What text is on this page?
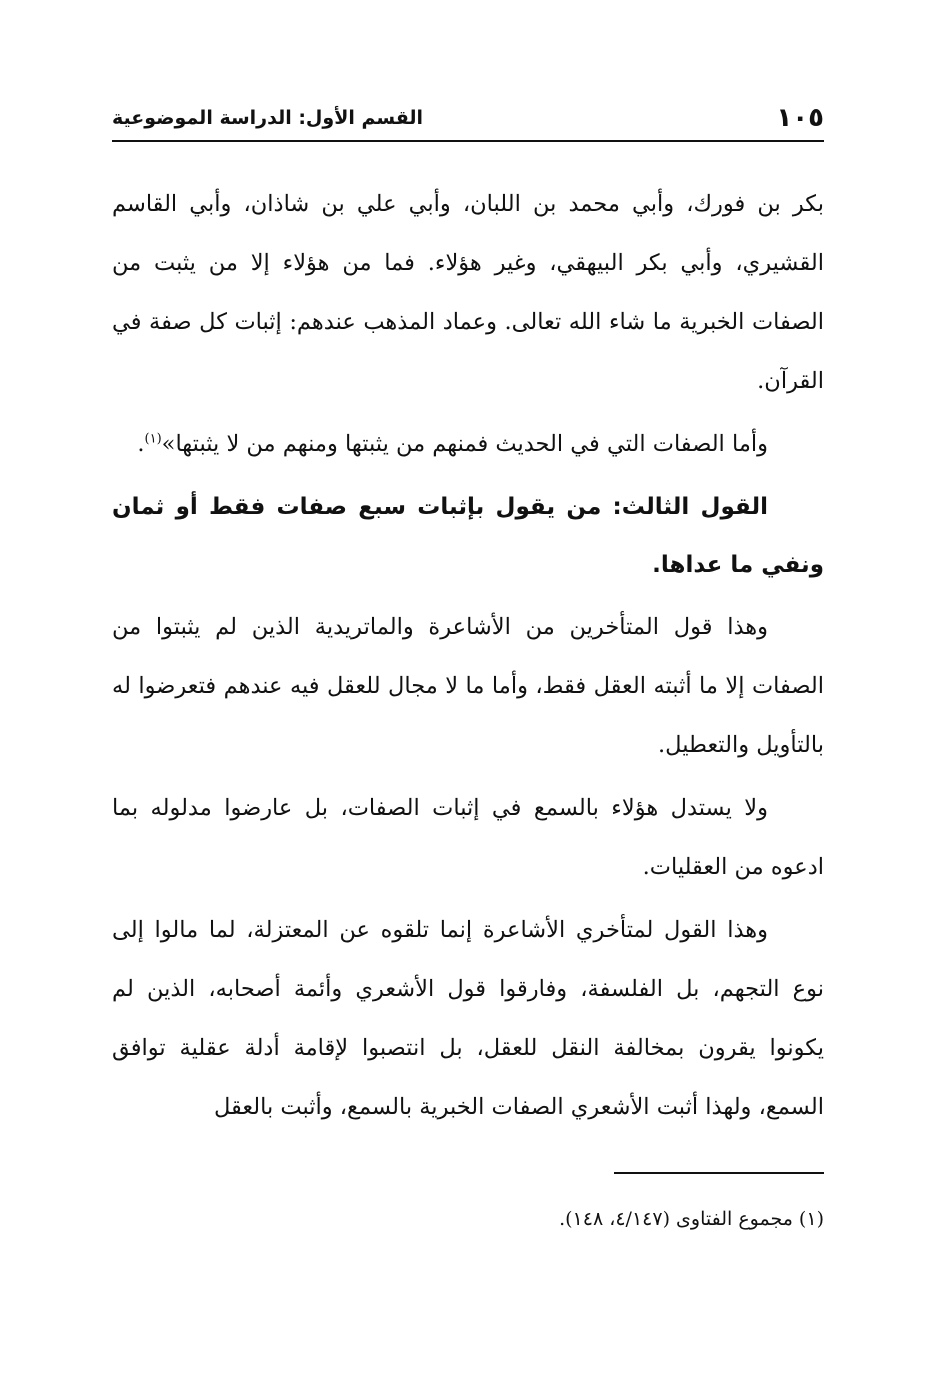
١٠٥
القسم الأول: الدراسة الموضوعية

بكر بن فورك، وأبي محمد بن اللبان، وأبي علي بن شاذان، وأبي القاسم القشيري، وأبي بكر البيهقي، وغير هؤلاء. فما من هؤلاء إلا من يثبت من الصفات الخبرية ما شاء الله تعالى. وعماد المذهب عندهم: إثبات كل صفة في القرآن.

وأما الصفات التي في الحديث فمنهم من يثبتها ومنهم من لا يثبتها»$^{(١)}$.

القول الثالث: من يقول بإثبات سبع صفات فقط أو ثمان ونفي ما عداها.

وهذا قول المتأخرين من الأشاعرة والماتريدية الذين لم يثبتوا من الصفات إلا ما أثبته العقل فقط، وأما ما لا مجال للعقل فيه عندهم فتعرضوا له بالتأويل والتعطيل.

ولا يستدل هؤلاء بالسمع في إثبات الصفات، بل عارضوا مدلوله بما ادعوه من العقليات.

وهذا القول لمتأخري الأشاعرة إنما تلقوه عن المعتزلة، لما مالوا إلى نوع التجهم، بل الفلسفة، وفارقوا قول الأشعري وأئمة أصحابه، الذين لم يكونوا يقرون بمخالفة النقل للعقل، بل انتصبوا لإقامة أدلة عقلية توافق السمع، ولهذا أثبت الأشعري الصفات الخبرية بالسمع، وأثبت بالعقل

(١) مجموع الفتاوى (٤/١٤٧، ١٤٨).
